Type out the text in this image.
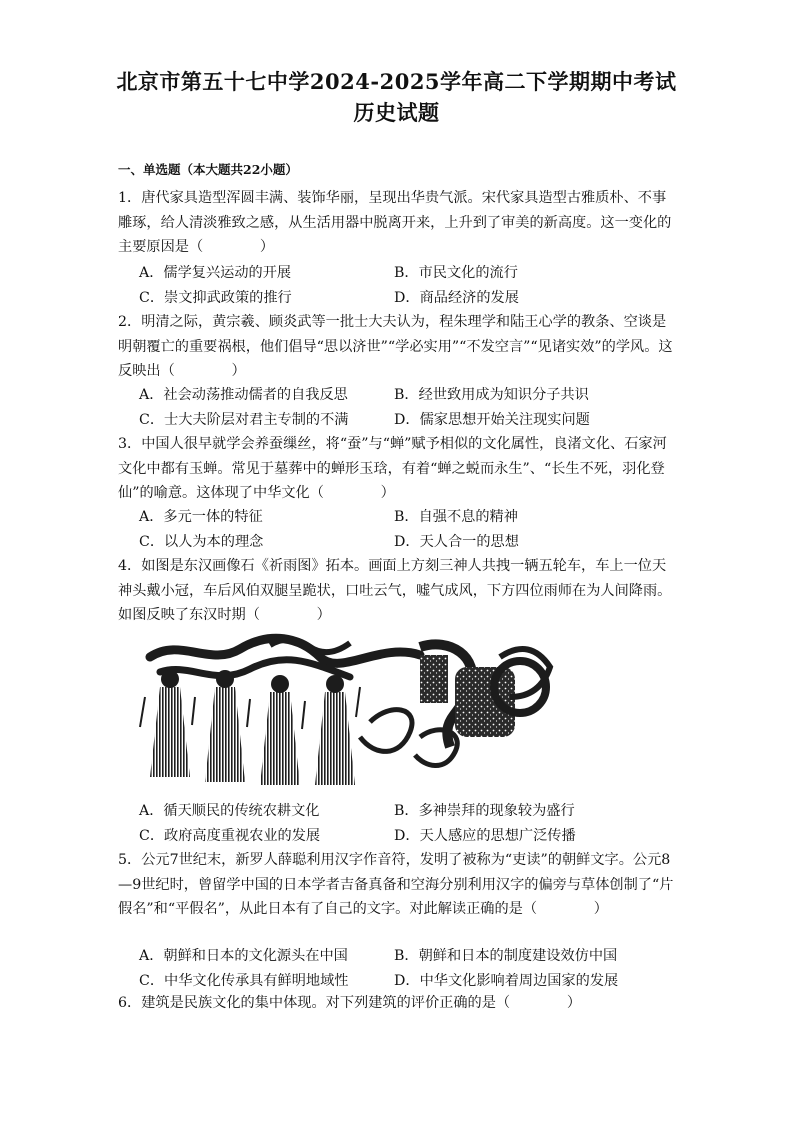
北京市第五十七中学2024-2025学年高二下学期期中考试
历史试题
一、单选题（本大题共22小题）
1．唐代家具造型浑圆丰满、装饰华丽，呈现出华贵气派。宋代家具造型古雅质朴、不事雕琢，给人清淡雅致之感，从生活用器中脱离开来，上升到了审美的新高度。这一变化的主要原因是（　　　　）
A．儒学复兴运动的开展	B．市民文化的流行
C．崇文抑武政策的推行	D．商品经济的发展
2．明清之际，黄宗羲、顾炎武等一批士大夫认为，程朱理学和陆王心学的教条、空谈是明朝覆亡的重要祸根，他们倡导“思以济世”“学必实用”“不发空言”“见诸实效”的学风。这反映出（　　　　）
A．社会动荡推动儒者的自我反思	B．经世致用成为知识分子共识
C．士大夫阶层对君主专制的不满	D．儒家思想开始关注现实问题
3．中国人很早就学会养蚕缫丝，将“蚕”与“蝉”赋予相似的文化属性，良渚文化、石家河文化中都有玉蝉。常见于墓葬中的蝉形玉琀，有着“蝉之蜕而永生”、“长生不死，羽化登仙”的喻意。这体现了中华文化（　　　　）
A．多元一体的特征	B．自强不息的精神
C．以人为本的理念	D．天人合一的思想
4．如图是东汉画像石《祈雨图》拓本。画面上方刻三神人共拽一辆五轮车，车上一位天神头戴小冠，车后风伯双腿呈跪状，口吐云气，嘘气成风，下方四位雨师在为人间降雨。如图反映了东汉时期（　　　　）
A．循天顺民的传统农耕文化	B．多神崇拜的现象较为盛行
C．政府高度重视农业的发展	D．天人感应的思想广泛传播
5．公元7世纪末，新罗人薛聪利用汉字作音符，发明了被称为“吏读”的朝鲜文字。公元8—9世纪时，曾留学中国的日本学者吉备真备和空海分别利用汉字的偏旁与草体创制了“片假名”和“平假名”，从此日本有了自己的文字。对此解读正确的是（　　　　）
A．朝鲜和日本的文化源头在中国	B．朝鲜和日本的制度建设效仿中国
C．中华文化传承具有鲜明地域性	D．中华文化影响着周边国家的发展
6．建筑是民族文化的集中体现。对下列建筑的评价正确的是（　　　　）
